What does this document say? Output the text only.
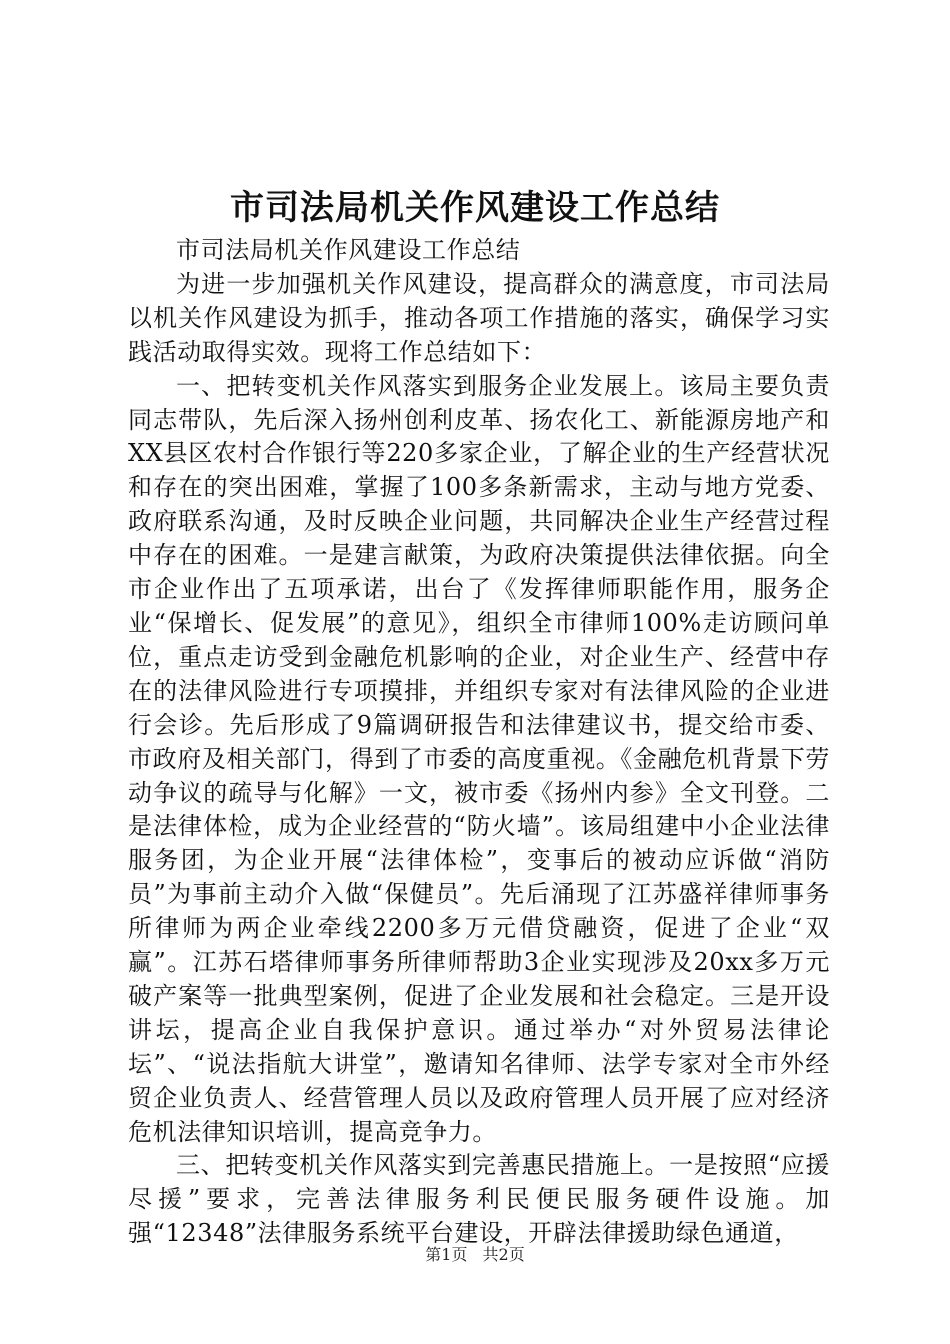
市司法局机关作风建设工作总结

市司法局机关作风建设工作总结

为进一步加强机关作风建设，提高群众的满意度，市司法局以机关作风建设为抓手，推动各项工作措施的落实，确保学习实践活动取得实效。现将工作总结如下：

一、把转变机关作风落实到服务企业发展上。该局主要负责同志带队，先后深入扬州创利皮革、扬农化工、新能源房地产和XX县区农村合作银行等220多家企业，了解企业的生产经营状况和存在的突出困难，掌握了100多条新需求，主动与地方党委、政府联系沟通，及时反映企业问题，共同解决企业生产经营过程中存在的困难。一是建言献策，为政府决策提供法律依据。向全市企业作出了五项承诺，出台了《发挥律师职能作用，服务企业“保增长、促发展”的意见》，组织全市律师100%走访顾问单位，重点走访受到金融危机影响的企业，对企业生产、经营中存在的法律风险进行专项摸排，并组织专家对有法律风险的企业进行会诊。先后形成了9篇调研报告和法律建议书，提交给市委、市政府及相关部门，得到了市委的高度重视。《金融危机背景下劳动争议的疏导与化解》一文，被市委《扬州内参》全文刊登。二是法律体检，成为企业经营的“防火墙”。该局组建中小企业法律服务团，为企业开展“法律体检”，变事后的被动应诉做“消防员”为事前主动介入做“保健员”。先后涌现了江苏盛祥律师事务所律师为两企业牵线2200多万元借贷融资，促进了企业“双赢”。江苏石塔律师事务所律师帮助3企业实现涉及20xx多万元破产案等一批典型案例，促进了企业发展和社会稳定。三是开设讲坛，提高企业自我保护意识。通过举办“对外贸易法律论坛”、“说法指航大讲堂”，邀请知名律师、法学专家对全市外经贸企业负责人、经营管理人员以及政府管理人员开展了应对经济危机法律知识培训，提高竞争力。

三、把转变机关作风落实到完善惠民措施上。一是按照“应援尽援”要求，完善法律服务利民便民服务硬件设施。加强“12348”法律服务系统平台建设，开辟法律援助绿色通道，

第1页 共2页
